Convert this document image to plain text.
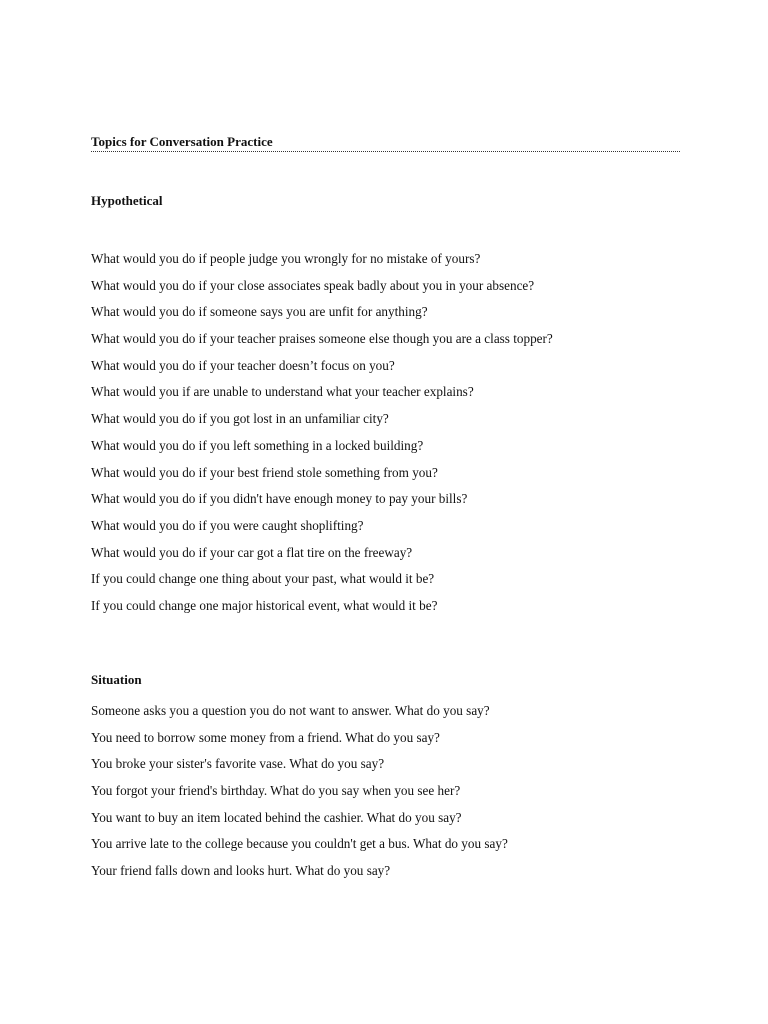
Topics for Conversation Practice
Hypothetical
What would you do if people judge you wrongly for no mistake of yours?
What would you do if your close associates speak badly about you in your absence?
What would you do if someone says you are unfit for anything?
What would you do if your teacher praises someone else though you are a class topper?
What would you do if your teacher doesn’t focus on you?
What would you if are unable to understand what your teacher explains?
What would you do if you got lost in an unfamiliar city?
What would you do if you left something in a locked building?
What would you do if your best friend stole something from you?
What would you do if you didn't have enough money to pay your bills?
What would you do if you were caught shoplifting?
What would you do if your car got a flat tire on the freeway?
If you could change one thing about your past, what would it be?
If you could change one major historical event, what would it be?
Situation
Someone asks you a question you do not want to answer. What do you say?
You need to borrow some money from a friend. What do you say?
You broke your sister's favorite vase. What do you say?
You forgot your friend's birthday. What do you say when you see her?
You want to buy an item located behind the cashier. What do you say?
You arrive late to the college because you couldn't get a bus. What do you say?
Your friend falls down and looks hurt. What do you say?
